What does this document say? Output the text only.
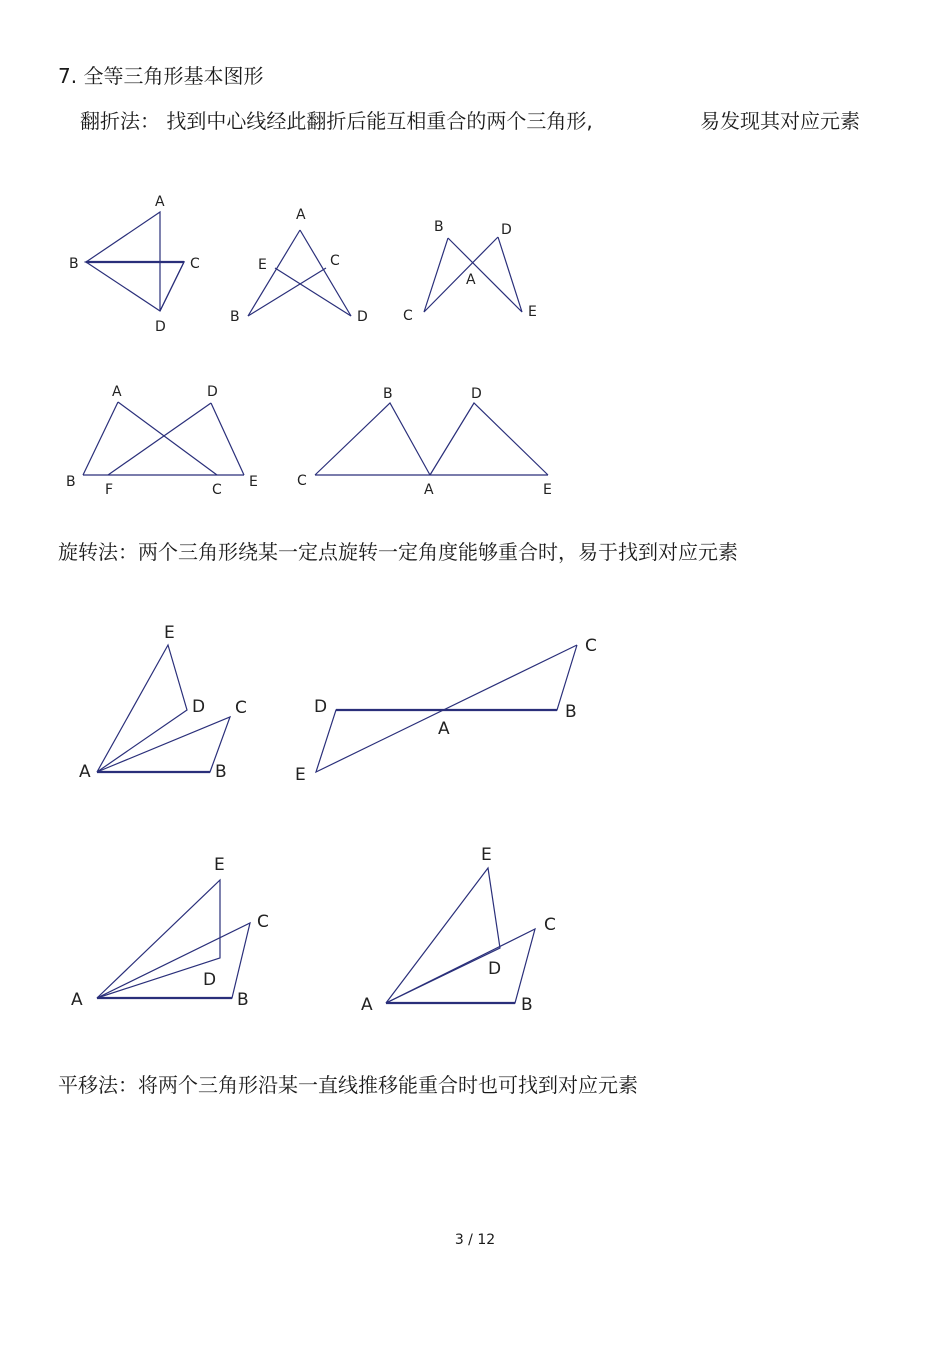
7. 全等三角形基本图形
翻折法： 找到中心线经此翻折后能互相重合的两个三角形,	易发现其对应元素
A
B	C
D
A
E	C
B	D
B	D
A
C	E
A	D
B F	C E
B	D
C
A	E
E
D C
A	B
C
D	B
A
E
E
C
D
A	B
E
C
D
A	B
旋转法：两个三角形绕某一定点旋转一定角度能够重合时，易于找到对应元素
平移法：将两个三角形沿某一直线推移能重合时也可找到对应元素
3 / 12
